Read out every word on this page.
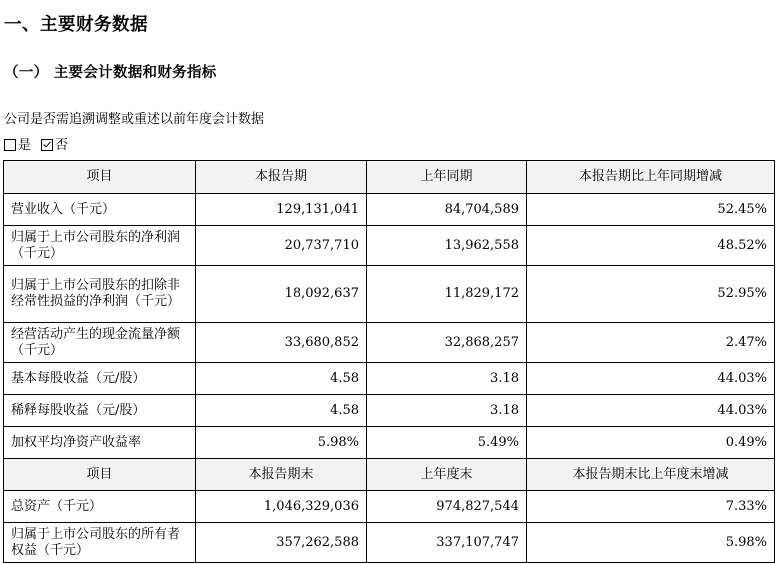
一、主要财务数据
（一） 主要会计数据和财务指标
公司是否需追溯调整或重述以前年度会计数据
是 否
项目	本报告期	上年同期	本报告期比上年同期增减
营业收入（千元）	129,131,041	84,704,589	52.45%
归属于上市公司股东的净利润（千元）	20,737,710	13,962,558	48.52%
归属于上市公司股东的扣除非经常性损益的净利润（千元）	18,092,637	11,829,172	52.95%
经营活动产生的现金流量净额（千元）	33,680,852	32,868,257	2.47%
基本每股收益（元/股）	4.58	3.18	44.03%
稀释每股收益（元/股）	4.58	3.18	44.03%
加权平均净资产收益率	5.98%	5.49%	0.49%
项目	本报告期末	上年度末	本报告期末比上年度末增减
总资产（千元）	1,046,329,036	974,827,544	7.33%
归属于上市公司股东的所有者权益（千元）	357,262,588	337,107,747	5.98%
